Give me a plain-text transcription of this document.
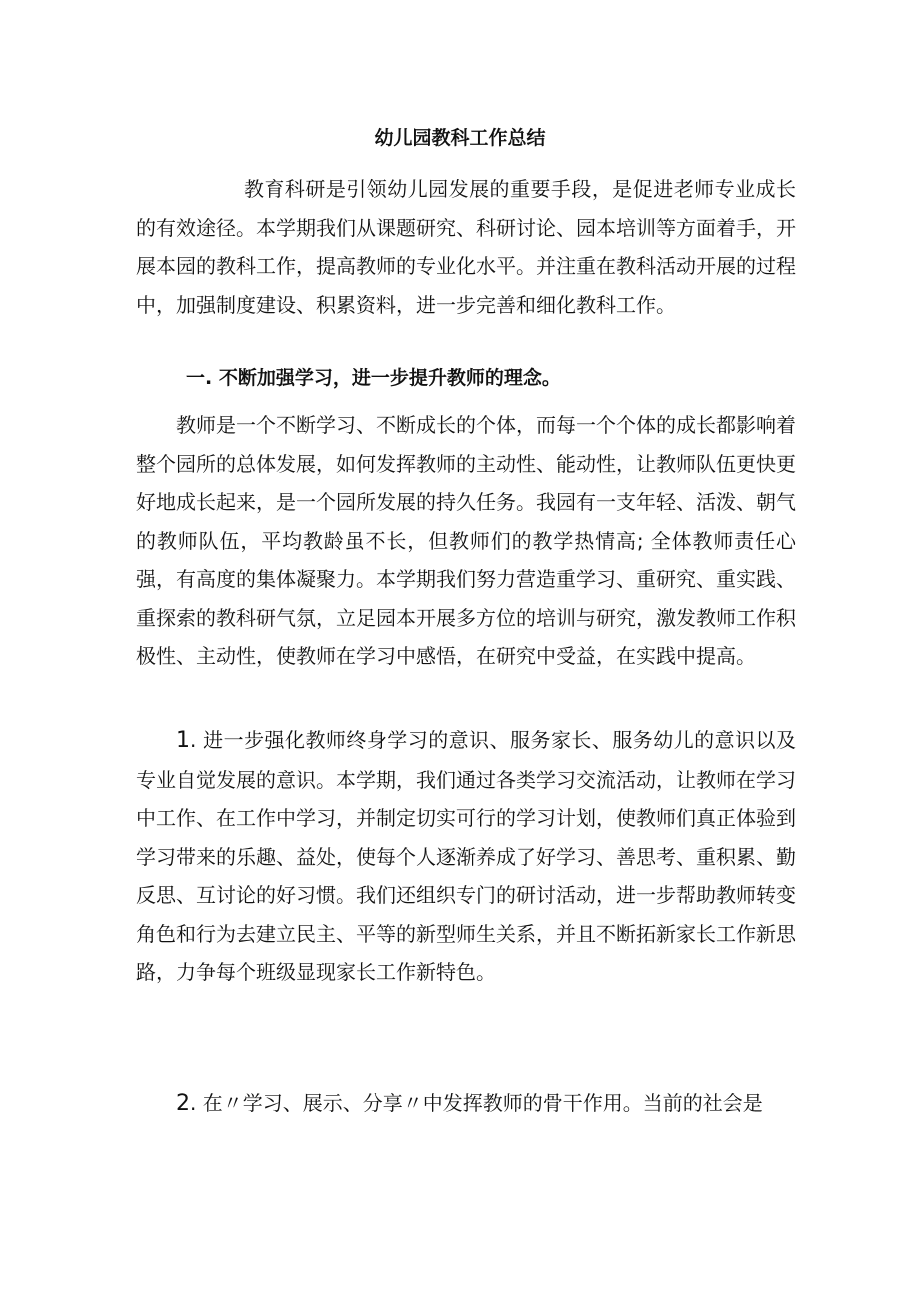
幼儿园教科工作总结

教育科研是引领幼儿园发展的重要手段，是促进老师专业成长的有效途径。本学期我们从课题研究、科研讨论、园本培训等方面着手，开展本园的教科工作，提高教师的专业化水平。并注重在教科活动开展的过程中，加强制度建设、积累资料，进一步完善和细化教科工作。

一. 不断加强学习，进一步提升教师的理念。

教师是一个不断学习、不断成长的个体，而每一个个体的成长都影响着整个园所的总体发展，如何发挥教师的主动性、能动性，让教师队伍更快更好地成长起来，是一个园所发展的持久任务。我园有一支年轻、活泼、朝气的教师队伍，平均教龄虽不长，但教师们的教学热情高; 全体教师责任心强，有高度的集体凝聚力。本学期我们努力营造重学习、重研究、重实践、重探索的教科研气氛，立足园本开展多方位的培训与研究，激发教师工作积极性、主动性，使教师在学习中感悟，在研究中受益，在实践中提高。

1. 进一步强化教师终身学习的意识、服务家长、服务幼儿的意识以及专业自觉发展的意识。本学期，我们通过各类学习交流活动，让教师在学习中工作、在工作中学习，并制定切实可行的学习计划，使教师们真正体验到学习带来的乐趣、益处，使每个人逐渐养成了好学习、善思考、重积累、勤反思、互讨论的好习惯。我们还组织专门的研讨活动，进一步帮助教师转变角色和行为去建立民主、平等的新型师生关系，并且不断拓新家长工作新思路，力争每个班级显现家长工作新特色。

2. 在〃学习、展示、分享〃中发挥教师的骨干作用。当前的社会是
